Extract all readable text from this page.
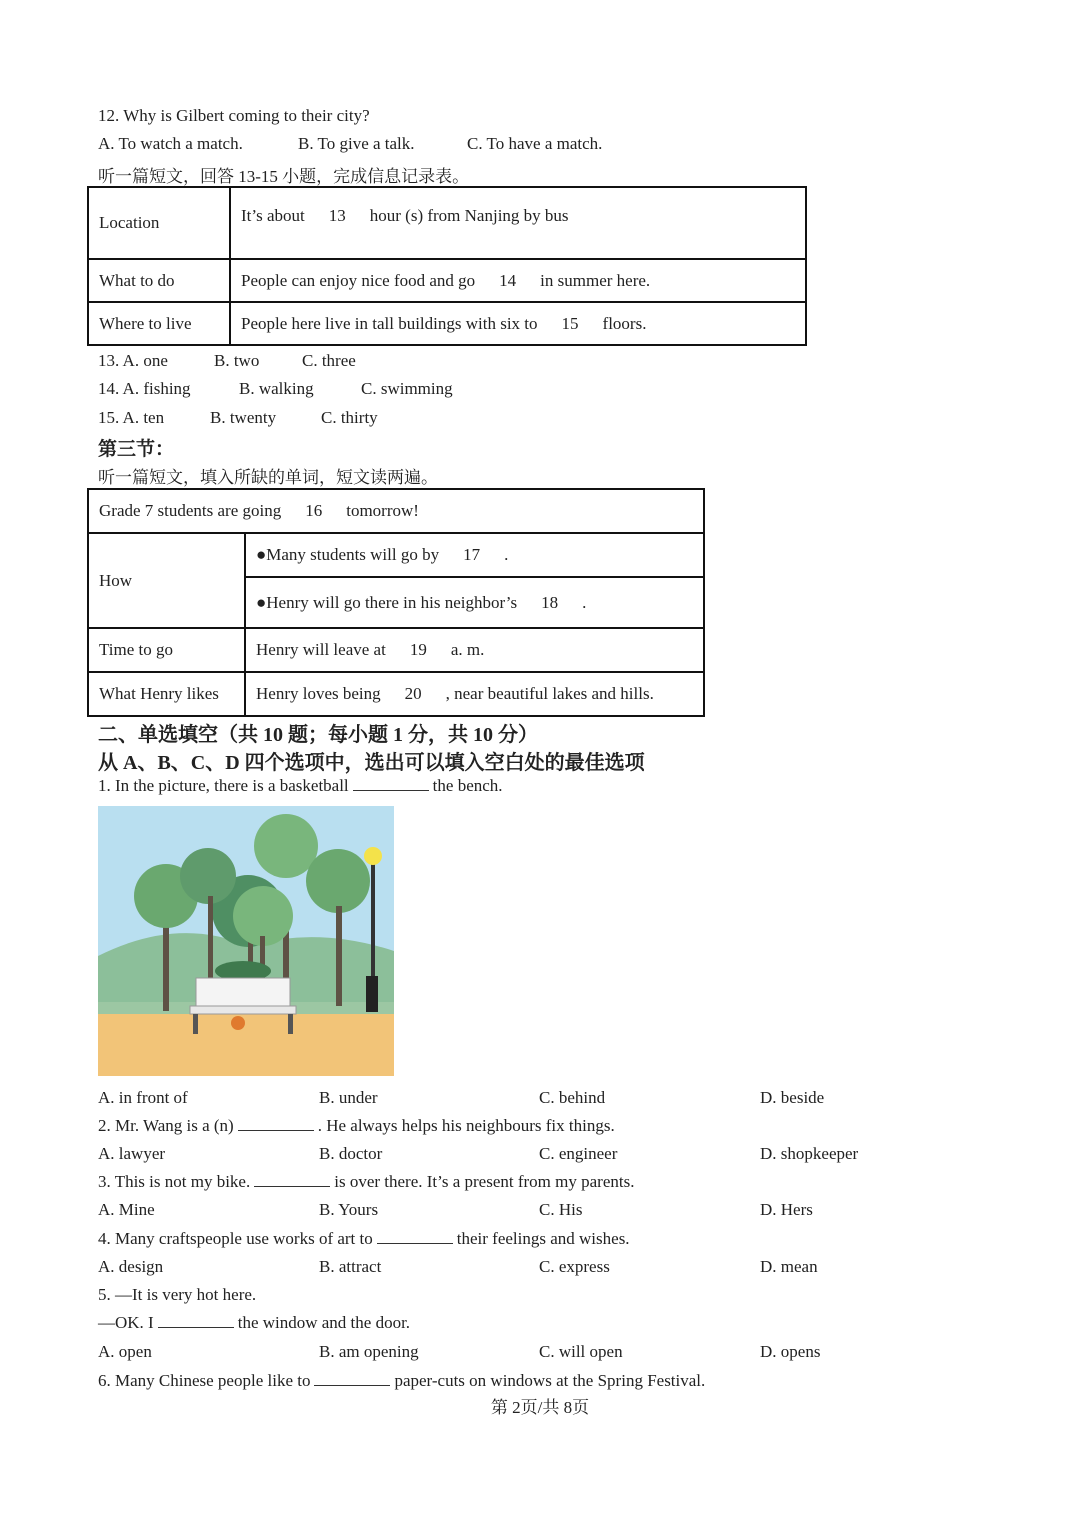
12. Why is Gilbert coming to their city?
A. To watch a match.	B. To give a talk.	C. To have a match.
听一篇短文，回答 13-15 小题，完成信息记录表。
Location	It’s about 13 hour (s) from Nanjing by bus
What to do	People can enjoy nice food and go 14 in summer here.
Where to live	People here live in tall buildings with six to 15 floors.
13. A. one	B. two	C. three
14. A. fishing	B. walking	C. swimming
15. A. ten	B. twenty	C. thirty
第三节：
听一篇短文，填入所缺的单词，短文读两遍。
Grade 7 students are going 16 tomorrow!	
How	●Many students will go by 17 .
	●Henry will go there in his neighbor’s 18 .
Time to go	Henry will leave at 19 a. m.
What Henry likes	Henry loves being 20 , near beautiful lakes and hills.
二、单选填空（共 10 题；每小题 1 分，共 10 分）
从 A、B、C、D 四个选项中，选出可以填入空白处的最佳选项
1. In the picture, there is a basketball	the bench.
A. in front of	B. under	C. behind	D. beside
2. Mr. Wang is a (n)	. He always helps his neighbours fix things.
A. lawyer	B. doctor	C. engineer	D. shopkeeper
3. This is not my bike.	is over there. It’s a present from my parents.
A. Mine	B. Yours	C. His	D. Hers
4. Many craftspeople use works of art to	their feelings and wishes.
A. design	B. attract	C. express	D. mean
5. —It is very hot here.
—OK. I	the window and the door.
A. open	B. am opening	C. will open	D. opens
6. Many Chinese people like to	paper-cuts on windows at the Spring Festival.
第 2页/共 8页
